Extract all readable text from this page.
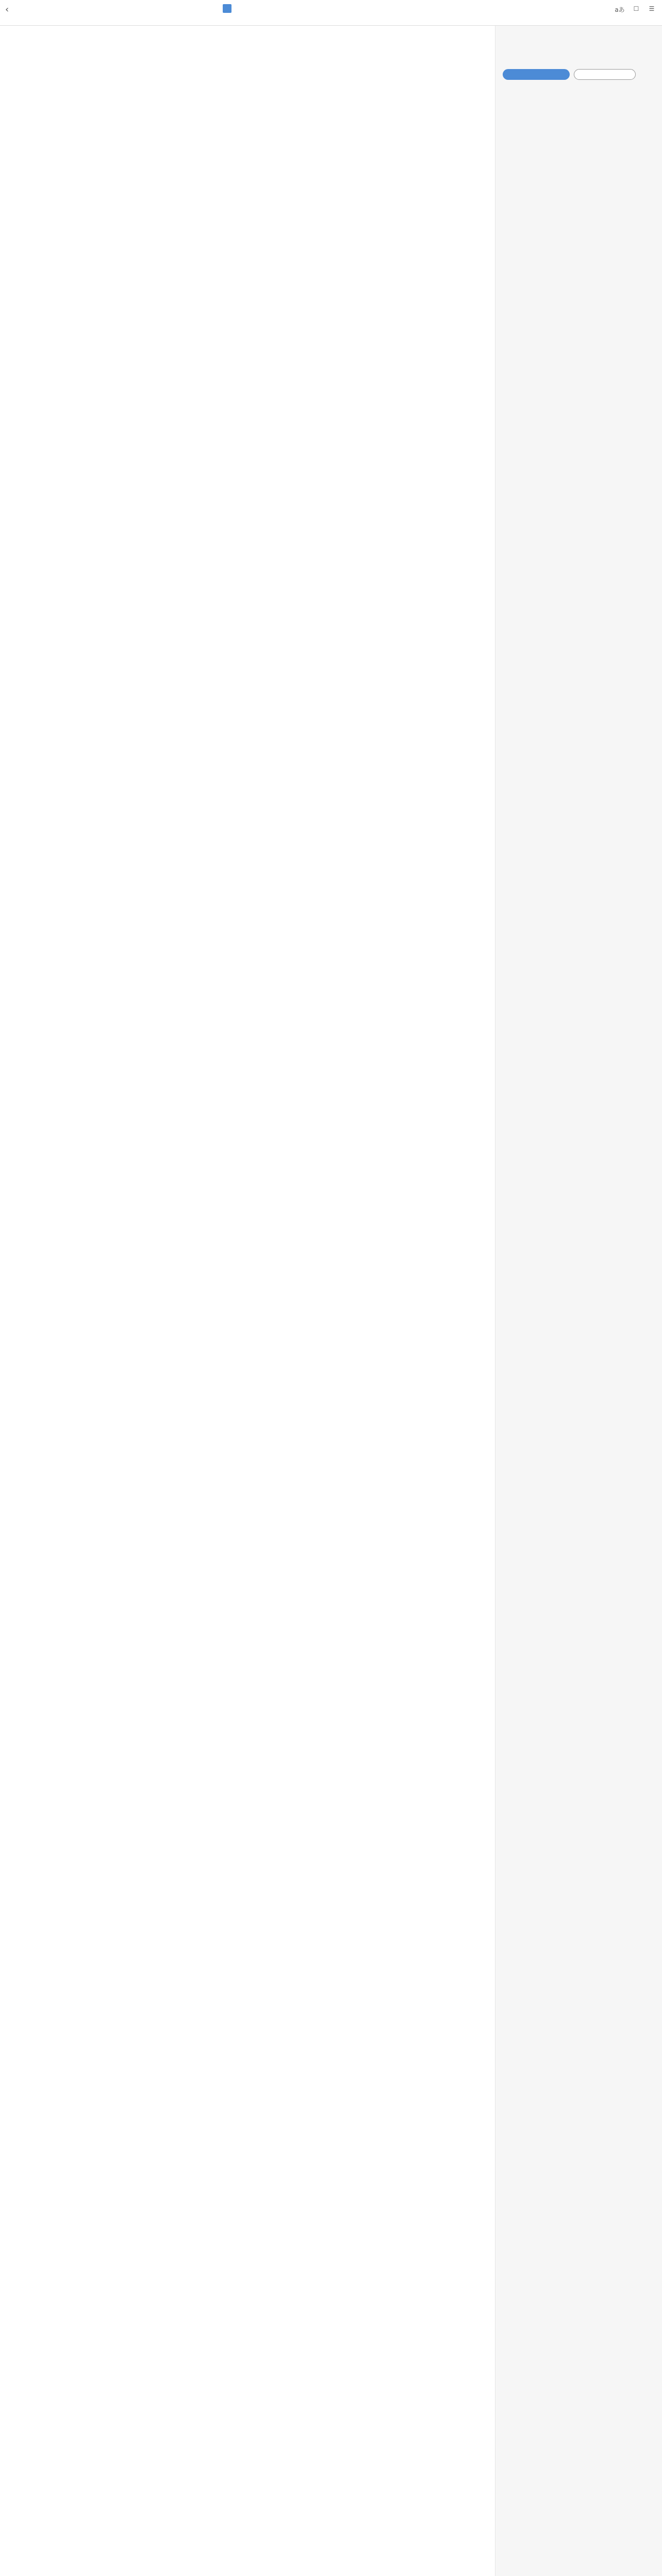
‹	aあ	☐	☰
